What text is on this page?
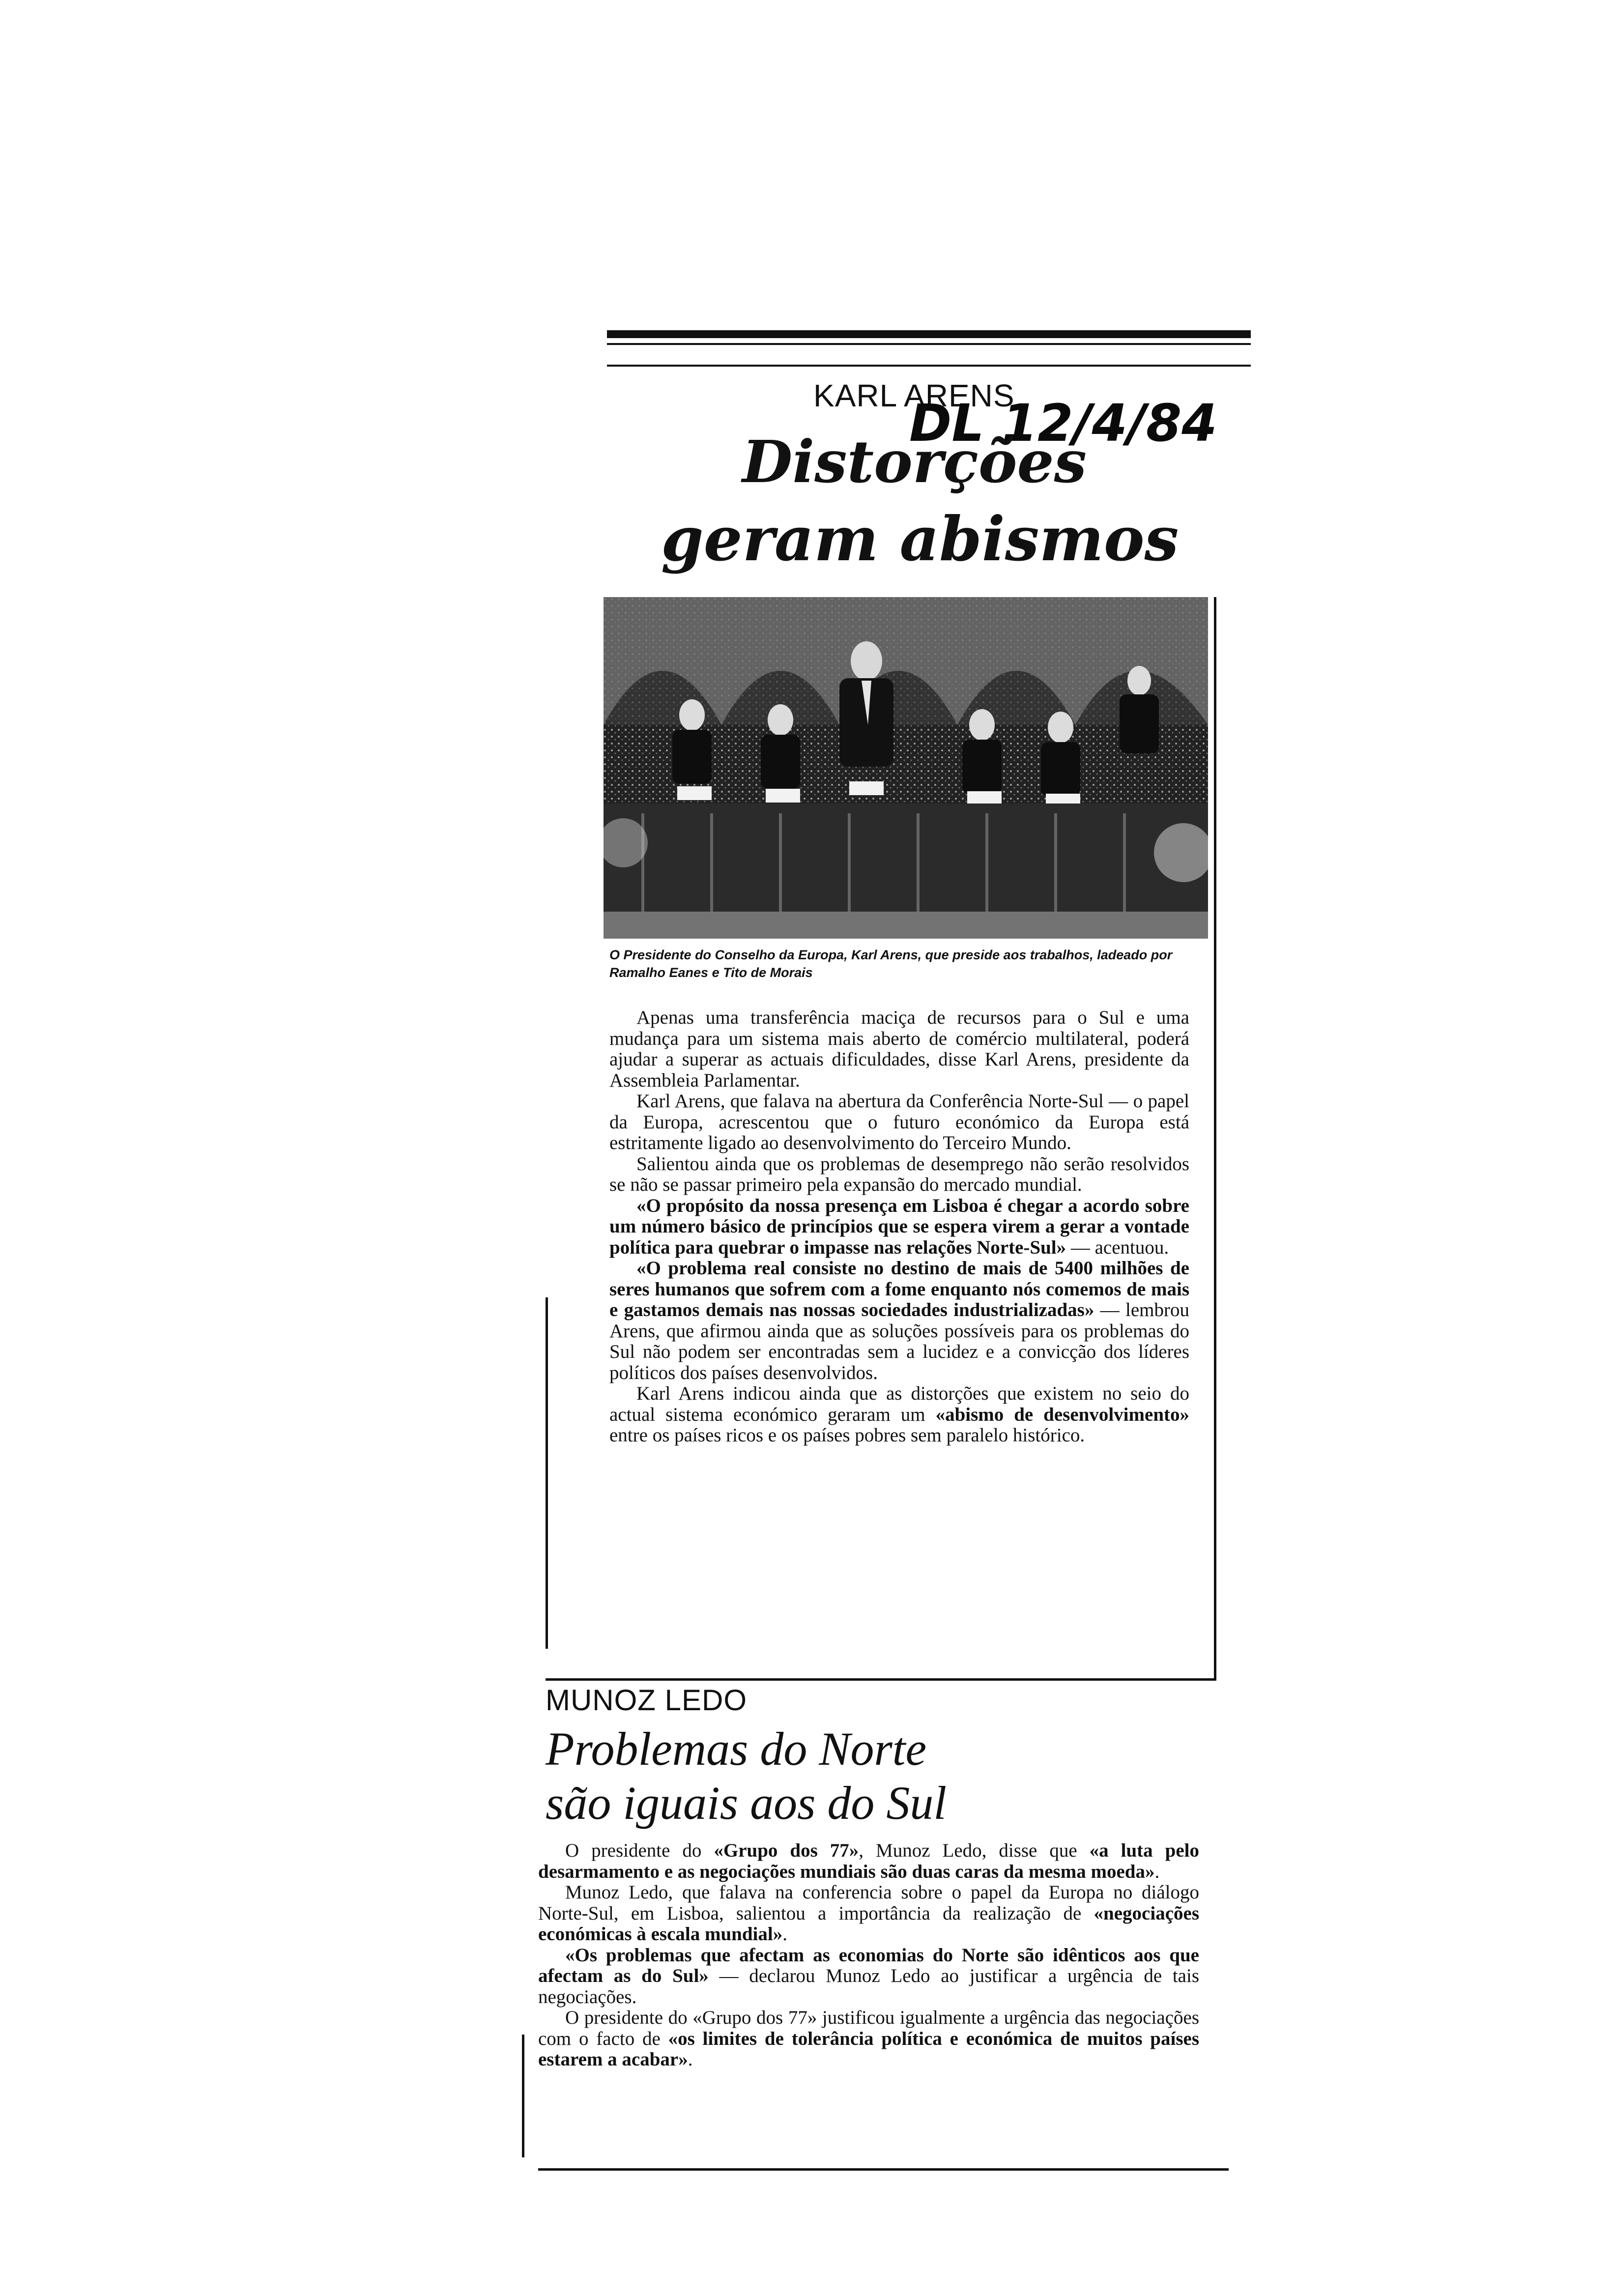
KARL ARENS
DL 12/4/84
Distorções
geram abismos
O Presidente do Conselho da Europa, Karl Arens, que preside aos trabalhos, ladeado por Ramalho Eanes e Tito de Morais

Apenas uma transferência maciça de recursos para o Sul e uma mudança para um sistema mais aberto de comércio multilateral, poderá ajudar a superar as actuais dificuldades, disse Karl Arens, presidente da Assembleia Parlamentar.

Karl Arens, que falava na abertura da Conferência Norte-Sul — o papel da Europa, acrescentou que o futuro económico da Europa está estritamente ligado ao desenvolvimento do Terceiro Mundo.

Salientou ainda que os problemas de desemprego não serão resolvidos se não se passar primeiro pela expansão do mercado mundial.

«O propósito da nossa presença em Lisboa é chegar a acordo sobre um número básico de princípios que se espera virem a gerar a vontade política para quebrar o impasse nas relações Norte-Sul» — acentuou.

«O problema real consiste no destino de mais de 5400 milhões de seres humanos que sofrem com a fome enquanto nós comemos de mais e gastamos demais nas nossas sociedades industrializadas» — lembrou Arens, que afirmou ainda que as soluções possíveis para os problemas do Sul não podem ser encontradas sem a lucidez e a convicção dos líderes políticos dos países desenvolvidos.

Karl Arens indicou ainda que as distorções que existem no seio do actual sistema económico geraram um «abismo de desenvolvimento» entre os países ricos e os países pobres sem paralelo histórico.

MUNOZ LEDO
Problemas do Norte
são iguais aos do Sul

O presidente do «Grupo dos 77», Munoz Ledo, disse que «a luta pelo desarmamento e as negociações mundiais são duas caras da mesma moeda».

Munoz Ledo, que falava na conferencia sobre o papel da Europa no diálogo Norte-Sul, em Lisboa, salientou a importância da realização de «negociações económicas à escala mundial».

«Os problemas que afectam as economias do Norte são idênticos aos que afectam as do Sul» — declarou Munoz Ledo ao justificar a urgência de tais negociações.

O presidente do «Grupo dos 77» justificou igualmente a urgência das negociações com o facto de «os limites de tolerância política e económica de muitos países estarem a acabar».
